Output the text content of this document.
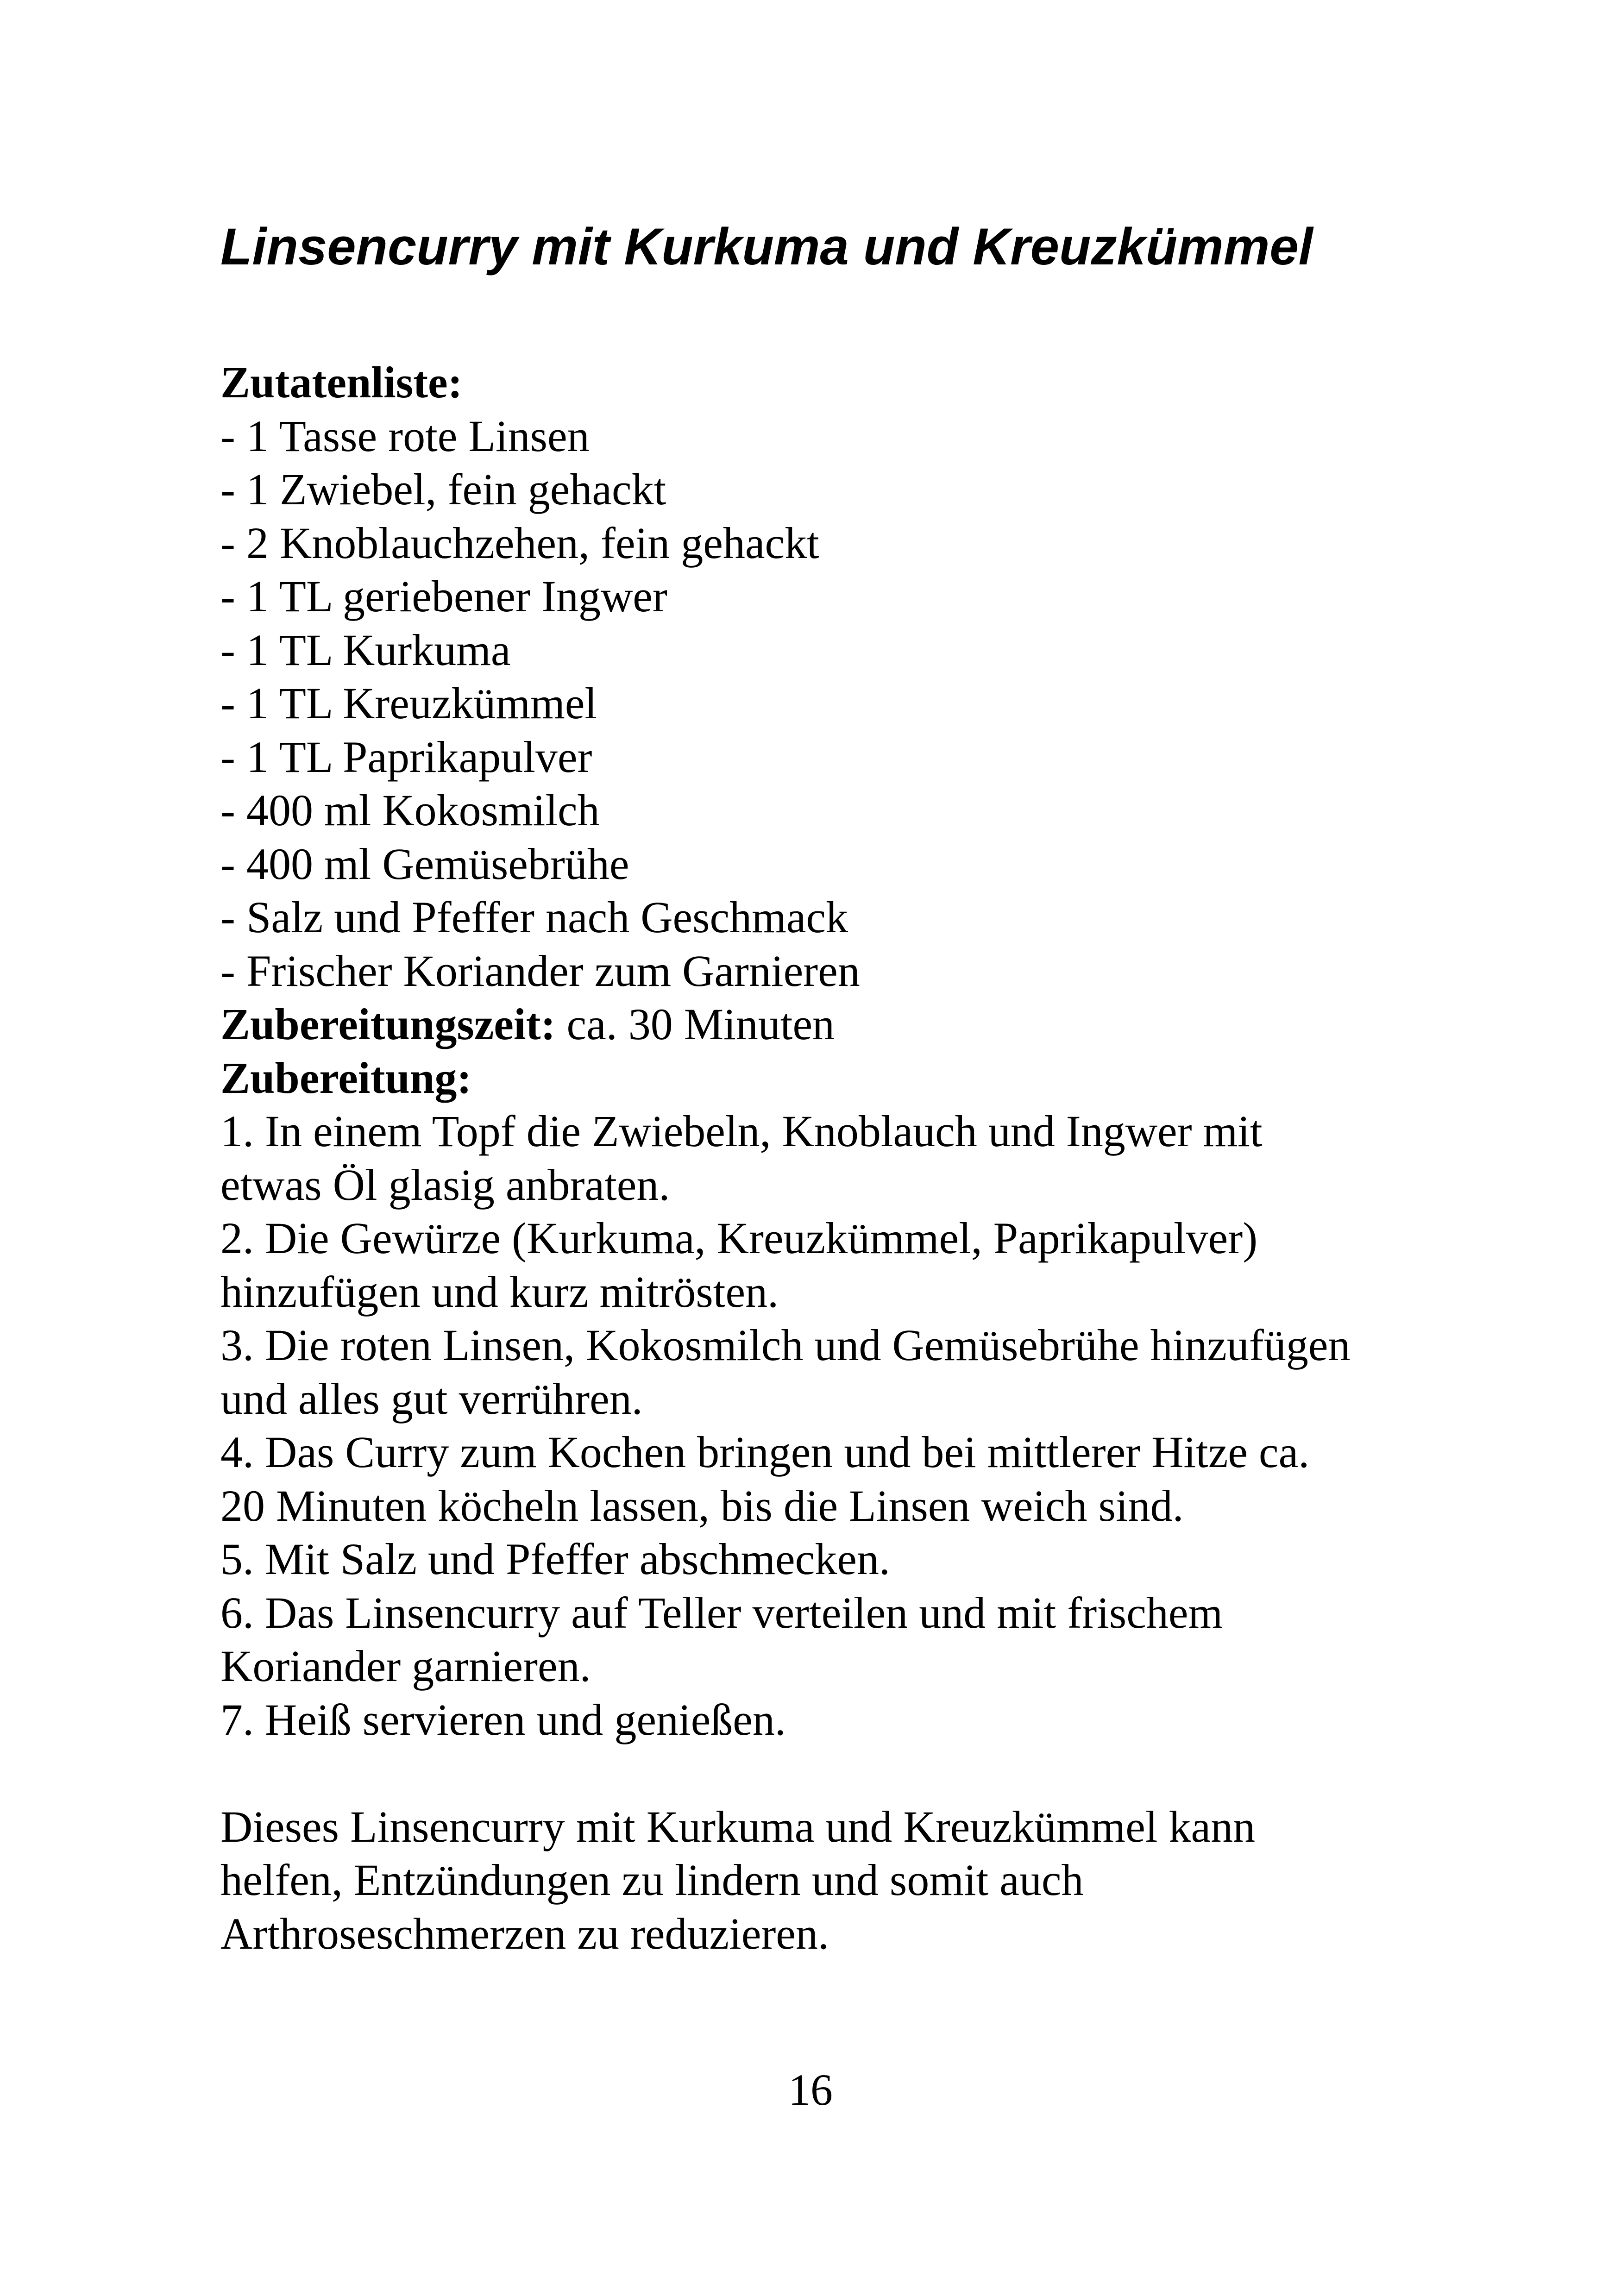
Linsencurry mit Kurkuma und Kreuzkümmel
Zutatenliste:
- 1 Tasse rote Linsen
- 1 Zwiebel, fein gehackt
- 2 Knoblauchzehen, fein gehackt
- 1 TL geriebener Ingwer
- 1 TL Kurkuma
- 1 TL Kreuzkümmel
- 1 TL Paprikapulver
- 400 ml Kokosmilch
- 400 ml Gemüsebrühe
- Salz und Pfeffer nach Geschmack
- Frischer Koriander zum Garnieren
Zubereitungszeit: ca. 30 Minuten
Zubereitung:
1. In einem Topf die Zwiebeln, Knoblauch und Ingwer mit
etwas Öl glasig anbraten.
2. Die Gewürze (Kurkuma, Kreuzkümmel, Paprikapulver)
hinzufügen und kurz mitrösten.
3. Die roten Linsen, Kokosmilch und Gemüsebrühe hinzufügen
und alles gut verrühren.
4. Das Curry zum Kochen bringen und bei mittlerer Hitze ca.
20 Minuten köcheln lassen, bis die Linsen weich sind.
5. Mit Salz und Pfeffer abschmecken.
6. Das Linsencurry auf Teller verteilen und mit frischem
Koriander garnieren.
7. Heiß servieren und genießen.

Dieses Linsencurry mit Kurkuma und Kreuzkümmel kann
helfen, Entzündungen zu lindern und somit auch
Arthroseschmerzen zu reduzieren.

16
